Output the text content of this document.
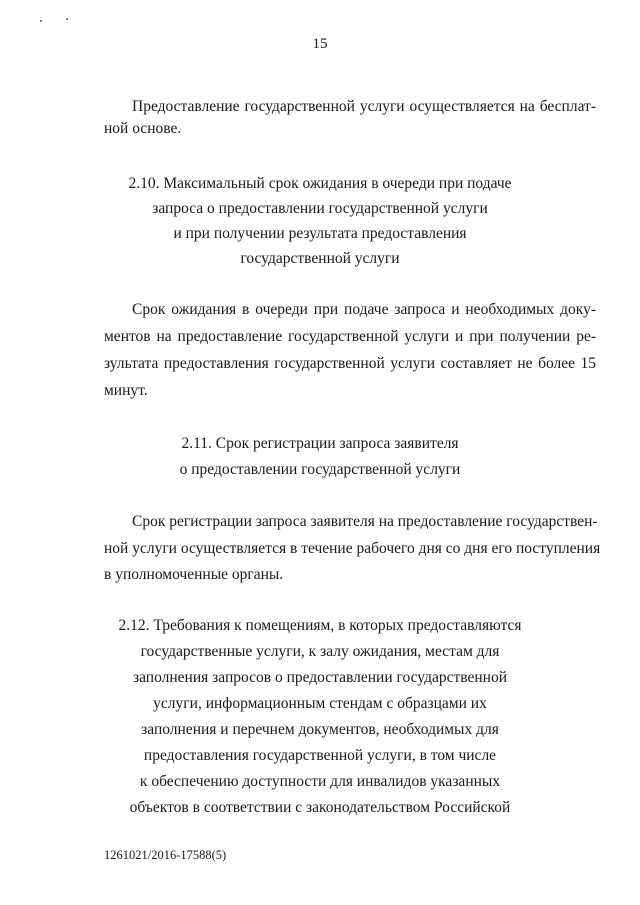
15
Предоставление государственной услуги осуществляется на бесплат-
ной основе.
2.10. Максимальный срок ожидания в очереди при подаче
запроса о предоставлении государственной услуги
и при получении результата предоставления
государственной услуги
Срок ожидания в очереди при подаче запроса и необходимых доку-
ментов на предоставление государственной услуги и при получении ре-
зультата предоставления государственной услуги составляет не более 15
минут.
2.11. Срок регистрации запроса заявителя
о предоставлении государственной услуги
Срок регистрации запроса заявителя на предоставление государствен-
ной услуги осуществляется в течение рабочего дня со дня его поступления
в уполномоченные органы.
2.12. Требования к помещениям, в которых предоставляются
государственные услуги, к залу ожидания, местам для
заполнения запросов о предоставлении государственной
услуги, информационным стендам с образцами их
заполнения и перечнем документов, необходимых для
предоставления государственной услуги, в том числе
к обеспечению доступности для инвалидов указанных
объектов в соответствии с законодательством Российской
1261021/2016-17588(5)
